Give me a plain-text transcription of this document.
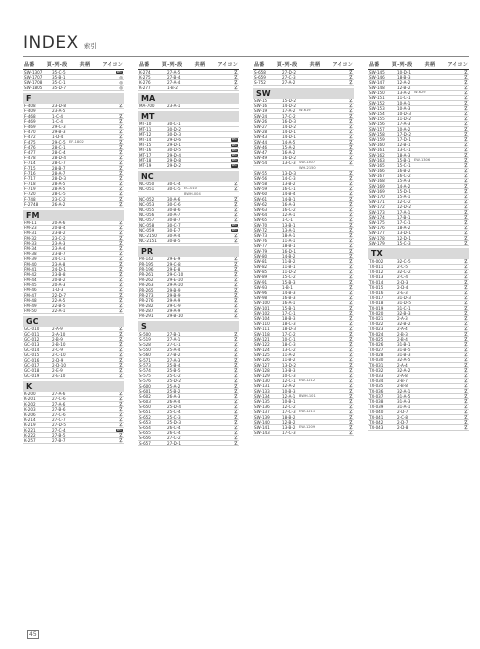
INDEX 索引
品番 頁-列-段 共柄 アイコン
SW-1307	35-C-5	REC
SW-1707	35-B-1	◎
SW-1708	35-C-1	◎
SW-1805	35-D-7	◎
F
F-408	23-D-8	Ｚ
F-409	23-A-5
F-468	1-C-4	Ｚ
F-469	1-C-4	Ｚ
F-469	29-C-3	Ｚ
F-470	29-B-3	Ｚ
F-472	1-D-4	Ｚ
F-475	29-C-5 EF-1802	Ｚ
F-476	28-C-1	Ｚ
F-477	28-C-4	Ｚ
F-478	28-D-4	Ｚ
F-714	28-C-7	Ｚ
F-715	28-B-7	Ｚ
F-716	28-A-7	Ｚ
F-717	28-D-3	Ｚ
F-718	28-A-5	Ｚ
F-719	28-A-5	Ｚ
F-720	28-C-5	Ｚ
F-748	23-C-2	Ｚ
F-2748	26-A-2	Ｚ
FM
FM-11	20-A-6	Ｚ
FM-23	20-B-4	Ｚ
FM-31	23-B-2	Ｚ
FM-32	23-C-2	Ｚ
FM-33	23-A-3	Ｚ
FM-34	23-A-4	Ｚ
FM-38	23-B-7	Ｚ
FM-39	24-C-1	Ｚ
FM-40	23-A-8	Ｚ
FM-41	24-D-1	Ｚ
FM-42	23-B-8	Ｚ
FM-44	20-B-2	Ｚ
FM-45	20-A-3	Ｚ
FM-46	1-D-3	Ｚ
FM-47	22-D-7	Ｚ
FM-48	22-A-5	Ｚ
FM-49	22-B-5	Ｚ
FM-50	22-A-1	Ｚ
GC
GC-010	2-A-9	Ｚ
GC-011	2-A-10	Ｚ
GC-012	2-B-9	Ｚ
GC-013	2-B-10	Ｚ
GC-014	2-C-9	Ｚ
GC-015	2-C-10	Ｚ
GC-016	2-D-9	Ｚ
GC-017	2-D-10	Ｚ
GC-018	2-E-9	Ｚ
GC-019	2-E-10	Ｚ
K
K-200	27-A-6	Ｚ
K-201	27-C-6	Ｚ
K-202	27-A-6	Ｚ
K-203	27-B-6	Ｚ
K-206	27-C-6	Ｚ
K-214	27-C-7	Ｚ
K-219	27-D-5	Ｚ
K-221	27-C-4	REC
K-222	27-B-5	Ｚ
K-257	27-B-7	Ｚ
品番 頁-列-段 共柄 アイコン
K-274	27-A-5	Ｚ
K-275	27-B-4	Ｚ
K-276	27-A-4	Ｚ
K-277	1-B-2	Ｚ
MA
MA-700	23-A-1
MT
MT-10	30-C-1
MT-11	30-D-2
MT-12	30-D-3
MT-14	29-D-6	REC
MT-15	29-D-1	REC
MT-16	30-D-5	REC
MT-17	29-D-4	REC
MT-18	29-D-8	REC
MT-19	29-D-2	REC
NC
NC-050	30-C-4	Ｚ
NC-051	30-C-5 EC-010	Ｚ
BWH-004
NC-052	30-A-6	Ｚ
NC-053	30-C-6	Ｚ
NC-055	30-B-6	Ｚ
NC-056	30-A-7	Ｚ
NC-057	30-B-7	Ｚ
NC-058	30-C-7	REC
NC-059	30-E-7	REC
NC-2150	30-A-4	Ｚ
NC-2151	30-B-5	Ｚ
PR
PR-142	29-E-9	Ｚ
PR-195	29-C-8	Ｚ
PR-196	29-E-8	Ｚ
PR-261	29-C-10	Ｚ
PR-262	29-E-10	Ｚ
PR-263	29-A-10	Ｚ
PR-265	29-B-9	Ｚ
PR-273	29-B-9	Ｚ
PR-276	29-A-9	Ｚ
PR-282	29-C-9	Ｚ
PR-287	29-A-9	Ｚ
PR-291	29-B-10	Ｚ
S
S-500	27-B-1	Ｚ
S-519	27-A-1	Ｚ
S-528	27-C-1	Ｚ
S-550	25-A-4	Ｚ
S-560	27-B-2	Ｚ
S-571	27-A-3	Ｚ
S-573	25-B-4	Ｚ
S-574	25-B-5	Ｚ
S-575	25-C-2	Ｚ
S-576	25-D-2	Ｚ
S-600	25-A-2	Ｚ
S-601	25-B-2	Ｚ
S-602	26-A-3	Ｚ
S-603	26-A-4	Ｚ
S-650	25-D-4	Ｚ
S-651	25-C-4	Ｚ
S-652	25-C-3	Ｚ
S-653	25-D-3	Ｚ
S-654	26-C-4	Ｚ
S-655	26-C-4	Ｚ
S-656	27-C-2	Ｚ
S-657	27-D-1	Ｚ
品番 頁-列-段 共柄 アイコン
S-658	27-D-2	Ｚ
S-659	27-C-3	Ｚ
S-752	27-A-2	Ｚ
SW
SW-15	15-D-2	Ｚ
SW-16	14-D-2	Ｚ
SW-19	17-A-2	W-619	Ｚ
SW-24	17-C-2	Ｚ
SW-26	16-D-3	Ｚ
SW-27	14-D-2	Ｚ
SW-28	14-D-1	Ｚ
SW-43	14-D-1	Ｚ
SW-44	14-A-5	Ｚ
SW-46	15-A-2	Ｚ
SW-47	16-A-2	Ｚ
SW-49	16-D-2	Ｚ
SW-54	13-C-3 SW-1307	Ｚ
WH-2150
SW-55	13-D-3	Ｚ
SW-56	14-C-3	Ｚ
SW-58	13-B-2	Ｚ
SW-59	16-C-1	Ｚ
SW-60	14-B-4	Ｚ
SW-61	14-B-1	Ｚ
SW-62	16-A-3	Ｚ
SW-63	16-C-2	Ｚ
SW-64	12-A-1	Ｚ
SW-65	1-C-1	Ｚ
SW-70	13-B-1	Ｚ
SW-72	13-A-1	Ｚ
SW-73	18-A-1	Ｚ
SW-76	11-A-1	Ｚ
SW-77	18-B-1	Ｚ
SW-79	16-D-1	Ｚ
SW-80	14-B-2	Ｚ
SW-81	11-B-2	Ｚ
SW-82	11-B-1	Ｚ
SW-85	11-D-2	Ｚ
SW-89	15-C-2	Ｚ
SW-91	15-B-3	Ｚ
SW-93	1-B-1	Ｚ
SW-96	14-B-3	Ｚ
SW-98	16-B-3	Ｚ
SW-100	16-A-1	Ｚ
SW-101	15-B-1	Ｚ
SW-102	17-C-1	Ｚ
SW-104	18-B-3	Ｚ
SW-110	18-C-3	Ｚ
SW-111	18-D-3	Ｚ
SW-118	17-C-2	Ｚ
SW-121	10-C-1	Ｚ
SW-122	18-C-3	Ｚ
SW-124	13-C-2	Ｚ
SW-125	11-A-2	Ｚ
SW-126	11-B-2	Ｚ
SW-127	13-D-2	Ｚ
SW-128	13-B-3	Ｚ
SW-129	10-C-3	Ｚ
SW-130	12-C-1 EW-1212	Ｚ
SW-131	12-A-2	Ｚ
SW-133	10-B-3	Ｚ
SW-134	12-A-1	BWH-101	Ｚ
SW-135	10-B-1	Ｚ
SW-136	12-C-2	Ｚ
SW-137	17-C-3 EW-1211	Ｚ
SW-139	18-B-2	Ｚ
SW-140	12-B-2	Ｚ
SW-141	13-B-2 EW-1209	Ｚ
SW-143	17-C-3	Ｚ
品番 頁-列-段 共柄 アイコン
SW-145	10-D-1	Ｚ
SW-146	18-B-3	Ｚ
SW-147	12-A-2	Ｚ
SW-148	12-B-2	Ｚ
SW-150	13-A-2	W-629	Ｚ
SW-151	11-C-1	Ｚ
SW-152	10-A-1	Ｚ
SW-153	10-A-3	Ｚ
SW-154	10-D-3	Ｚ
SW-155	11-D-2	Ｚ
SW-156	17-A-3	Ｚ
SW-157	10-A-2	Ｚ
SW-158	17-D-2	Ｚ
SW-159	17-D-1	Ｚ
SW-160	12-B-1	Ｚ
SW-161	13-C-1	Ｚ
SW-162	18-A-3	Ｚ
SW-163	15-B-1 EW-1306	Ｚ
SW-165	15-C-1	Ｚ
SW-166	16-B-2	Ｚ
SW-167	16-C-2	Ｚ
SW-168	15-A-3	Ｚ
SW-169	14-A-2	Ｚ
SW-169	15-D-1	Ｚ
SW-170	15-A-1	Ｚ
SW-171	12-C-2	Ｚ
SW-172	12-D-2	Ｚ
SW-173	17-A-1	Ｚ
SW-174	17-B-1	Ｚ
SW-175	17-C-1	Ｚ
SW-176	18-A-2	Ｚ
SW-177	13-D-1	Ｚ
SW-178	12-D-1	Ｚ
SW-179	15-C-3	Ｚ
TX
TX-002	32-C-5	Ｚ
TX-011	2-C-5	Ｚ
TX-012	32-C-2	Ｚ
TX-013	2-C-4	Ｚ
TX-014	2-D-3	Ｚ
TX-015	2-D-4	Ｚ
TX-016	2-E-3	Ｚ
TX-017	31-D-3	Ｚ
TX-018	31-D-5	Ｚ
TX-019	31-C-1	Ｚ
TX-020	32-B-3	Ｚ
TX-021	2-A-3	Ｚ
TX-022	32-B-2	Ｚ
TX-023	2-A-4	Ｚ
TX-024	2-B-3	Ｚ
TX-025	2-B-4	Ｚ
TX-026	31-B-1	Ｚ
TX-027	31-B-5	Ｚ
TX-028	31-B-3	Ｚ
TX-030	32-A-5	Ｚ
TX-031	2-A-4	Ｚ
TX-032	32-A-2	Ｚ
TX-033	2-A-8	Ｚ
TX-034	2-B-7	Ｚ
TX-035	2-B-8	Ｚ
TX-036	32-A-1	Ｚ
TX-037	31-A-5	Ｚ
TX-038	31-A-3	Ｚ
TX-039	31-A-1	Ｚ
TX-040	2-D-7	Ｚ
TX-041	2-C-8	Ｚ
TX-042	2-D-7	Ｚ
TX-043	2-D-8	Ｚ
45
